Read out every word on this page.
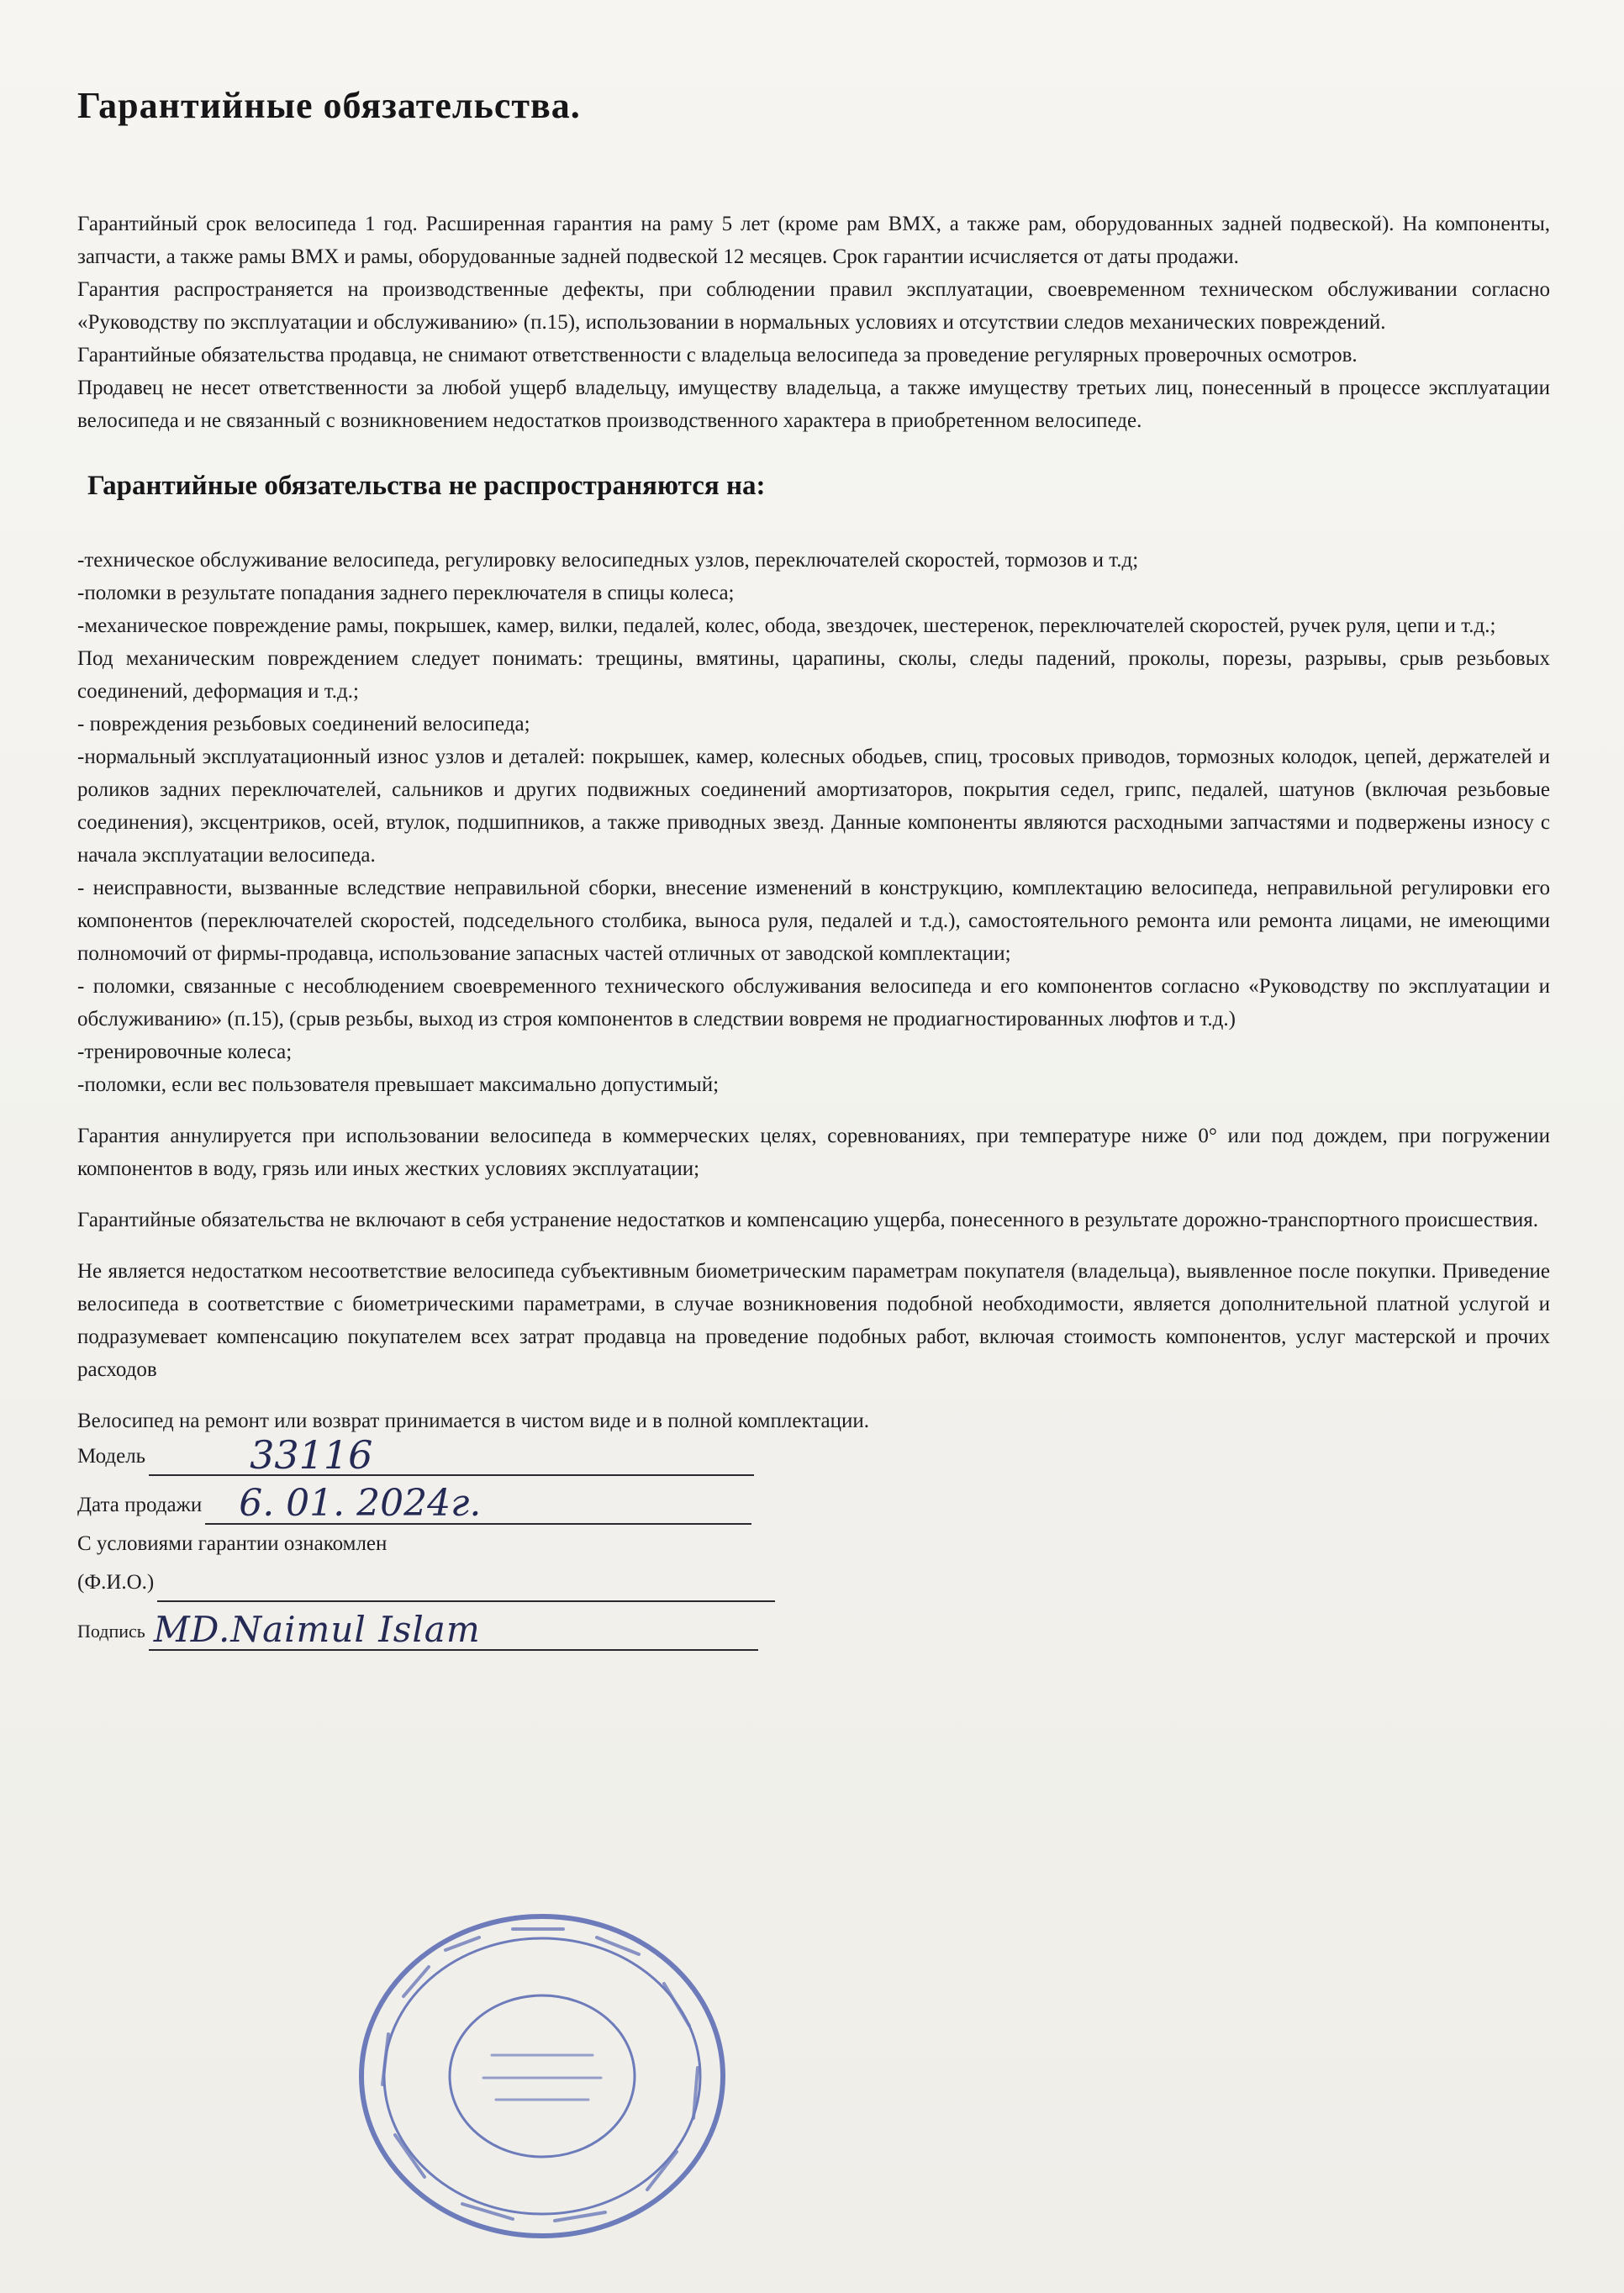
Гарантийные обязательства.

Гарантийный срок велосипеда 1 год. Расширенная гарантия на раму 5 лет (кроме рам BMX, а также рам, оборудованных задней подвеской). На компоненты, запчасти, а также рамы BMX и рамы, оборудованные задней подвеской 12 месяцев. Срок гарантии исчисляется от даты продажи.

Гарантия распространяется на производственные дефекты, при соблюдении правил эксплуатации, своевременном техническом обслуживании согласно «Руководству по эксплуатации и обслуживанию» (п.15), использовании в нормальных условиях и отсутствии следов механических повреждений.

Гарантийные обязательства продавца, не снимают ответственности с владельца велосипеда за проведение регулярных проверочных осмотров.

Продавец не несет ответственности за любой ущерб владельцу, имуществу владельца, а также имуществу третьих лиц, понесенный в процессе эксплуатации велосипеда и не связанный с возникновением недостатков производственного характера в приобретенном велосипеде.

Гарантийные обязательства не распространяются на:

-техническое обслуживание велосипеда, регулировку велосипедных узлов, переключателей скоростей, тормозов и т.д;

-поломки в результате попадания заднего переключателя в спицы колеса;

-механическое повреждение рамы, покрышек, камер, вилки, педалей, колес, обода, звездочек, шестеренок, переключателей скоростей, ручек руля, цепи и т.д.;

Под механическим повреждением следует понимать: трещины, вмятины, царапины, сколы, следы падений, проколы, порезы, разрывы, срыв резьбовых соединений, деформация и т.д.;

- повреждения резьбовых соединений велосипеда;

-нормальный эксплуатационный износ узлов и деталей: покрышек, камер, колесных ободьев, спиц, тросовых приводов, тормозных колодок, цепей, держателей и роликов задних переключателей, сальников и других подвижных соединений амортизаторов, покрытия седел, грипс, педалей, шатунов (включая резьбовые соединения), эксцентриков, осей, втулок, подшипников, а также приводных звезд. Данные компоненты являются расходными запчастями и подвержены износу с начала эксплуатации велосипеда.

- неисправности, вызванные вследствие неправильной сборки, внесение изменений в конструкцию, комплектацию велосипеда, неправильной регулировки его компонентов (переключателей скоростей, подседельного столбика, выноса руля, педалей и т.д.), самостоятельного ремонта или ремонта лицами, не имеющими полномочий от фирмы-продавца, использование запасных частей отличных от заводской комплектации;

- поломки, связанные с несоблюдением своевременного технического обслуживания велосипеда и его компонентов согласно «Руководству по эксплуатации и обслуживанию» (п.15), (срыв резьбы, выход из строя компонентов в следствии вовремя не продиагностированных люфтов и т.д.)

-тренировочные колеса;

-поломки, если вес пользователя превышает максимально допустимый;

Гарантия аннулируется при использовании велосипеда в коммерческих целях, соревнованиях, при температуре ниже 0° или под дождем, при погружении компонентов в воду, грязь или иных жестких условиях эксплуатации;

Гарантийные обязательства не включают в себя устранение недостатков и компенсацию ущерба, понесенного в результате дорожно-транспортного происшествия.

Не является недостатком несоответствие велосипеда субъективным биометрическим параметрам покупателя (владельца), выявленное после покупки. Приведение велосипеда в соответствие с биометрическими параметрами, в случае возникновения подобной необходимости, является дополнительной платной услугой и подразумевает компенсацию покупателем всех затрат продавца на проведение подобных работ, включая стоимость компонентов, услуг мастерской и прочих расходов

Велосипед на ремонт или возврат принимается в чистом виде и в полной комплектации.

Модель	33116
Дата продажи 6. 01. 2024г.
С условиями гарантии ознакомлен
(Ф.И.О.)
Подпись MD.Naimul Islam
